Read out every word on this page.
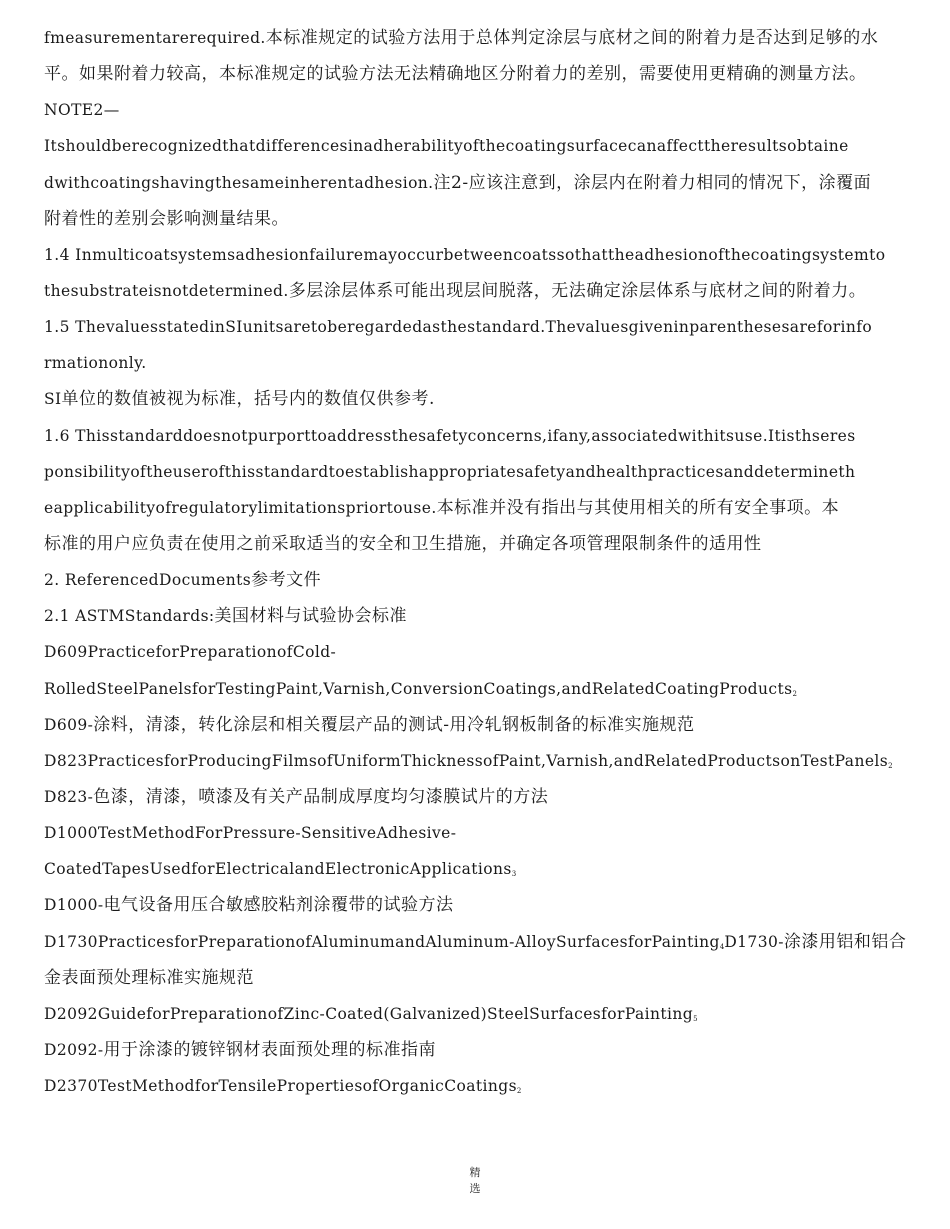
fmeasurementarerequired.本标准规定的试验方法用于总体判定涂层与底材之间的附着力是否达到足够的水
平。如果附着力较高，本标准规定的试验方法无法精确地区分附着力的差别，需要使用更精确的测量方法。
NOTE2—
Itshouldberecognizedthatdifferencesinadherabilityofthecoatingsurfacecanaffecttheresultsobtaine
dwithcoatingshavingthesameinherentadhesion.注2-应该注意到，涂层内在附着力相同的情况下，涂覆面
附着性的差别会影响测量结果。
1.4 Inmulticoatsystemsadhesionfailuremayoccurbetweencoatssothattheadhesionofthecoatingsystemto
thesubstrateisnotdetermined.多层涂层体系可能出现层间脱落，无法确定涂层体系与底材之间的附着力。
1.5 ThevaluesstatedinSIunitsaretoberegardedasthestandard.Thevaluesgiveninparenthesesareforinfo
rmationonly.
SI单位的数值被视为标准，括号内的数值仅供参考.
1.6 Thisstandarddoesnotpurporttoaddressthesafetyconcerns,ifany,associatedwithitsuse.Itisthseres
ponsibilityoftheuserofthisstandardtoestablishappropriatesafetyandhealthpracticesanddetermineth
eapplicabilityofregulatorylimitationspriortouse.本标准并没有指出与其使用相关的所有安全事项。本
标准的用户应负责在使用之前采取适当的安全和卫生措施，并确定各项管理限制条件的适用性
2. ReferencedDocuments参考文件
2.1 ASTMStandards:美国材料与试验协会标准
D609PracticeforPreparationofCold-
RolledSteelPanelsforTestingPaint,Varnish,ConversionCoatings,andRelatedCoatingProducts2
D609-涂料，清漆，转化涂层和相关覆层产品的测试-用冷轧钢板制备的标准实施规范
D823PracticesforProducingFilmsofUniformThicknessofPaint,Varnish,andRelatedProductsonTestPanels2
D823-色漆，清漆，喷漆及有关产品制成厚度均匀漆膜试片的方法
D1000TestMethodForPressure-SensitiveAdhesive-
CoatedTapesUsedforElectricalandElectronicApplications3
D1000-电气设备用压合敏感胶粘剂涂覆带的试验方法
D1730PracticesforPreparationofAluminumandAluminum-AlloySurfacesforPainting4D1730-涂漆用铝和铝合
金表面预处理标准实施规范
D2092GuideforPreparationofZinc-Coated(Galvanized)SteelSurfacesforPainting5
D2092-用于涂漆的镀锌钢材表面预处理的标准指南
D2370TestMethodforTensilePropertiesofOrganicCoatings2
精
选
